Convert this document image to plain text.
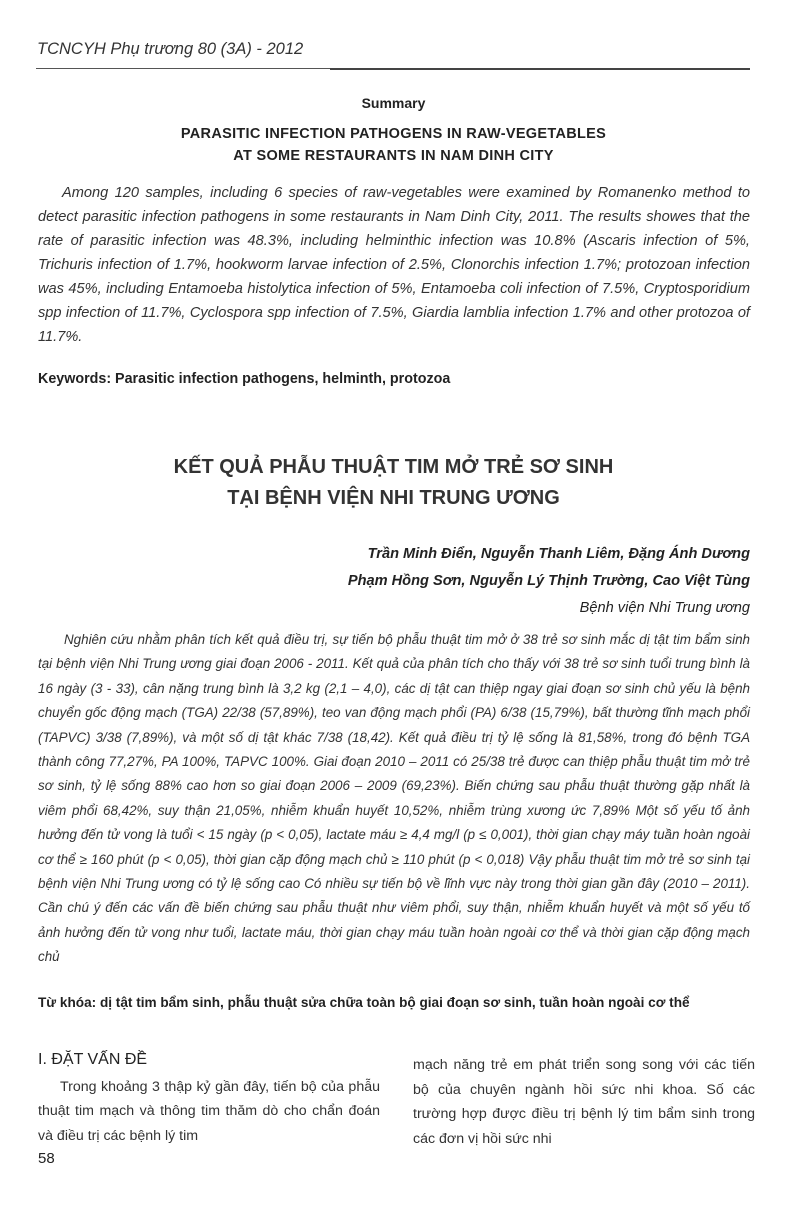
TCNCYH Phụ trương 80 (3A) - 2012
Summary
PARASITIC INFECTION PATHOGENS IN RAW-VEGETABLES
AT SOME RESTAURANTS IN NAM DINH CITY
Among 120 samples, including 6 species of raw-vegetables were examined by Romanenko method to detect parasitic infection pathogens in some restaurants in Nam Dinh City, 2011. The results showes that the rate of parasitic infection was 48.3%, including helminthic infection was 10.8% (Ascaris infection of 5%, Trichuris infection of 1.7%, hookworm larvae infection of 2.5%, Clonorchis infection 1.7%; protozoan infection was 45%, including Entamoeba histolytica infection of 5%, Entamoeba coli infection of 7.5%, Cryptosporidium spp infection of 11.7%, Cyclospora spp infection of 7.5%, Giardia lamblia infection 1.7% and other protozoa of 11.7%.
Keywords: Parasitic infection pathogens, helminth, protozoa
KẾT QUẢ PHẪU THUẬT TIM MỞ TRẺ SƠ SINH
TẠI BỆNH VIỆN NHI TRUNG ƯƠNG
Trần Minh Điển, Nguyễn Thanh Liêm, Đặng Ánh Dương
Phạm Hồng Sơn, Nguyễn Lý Thịnh Trường, Cao Việt Tùng
Bệnh viện Nhi Trung ương
Nghiên cứu nhằm phân tích kết quả điều trị, sự tiến bộ phẫu thuật tim mở ở 38 trẻ sơ sinh mắc dị tật tim bẩm sinh tại bệnh viện Nhi Trung ương giai đoạn 2006 - 2011. Kết quả của phân tích cho thấy với 38 trẻ sơ sinh tuổi trung bình là 16 ngày (3 - 33), cân nặng trung bình là 3,2 kg (2,1 – 4,0), các dị tật can thiệp ngay giai đoạn sơ sinh chủ yếu là bệnh chuyển gốc động mạch (TGA) 22/38 (57,89%), teo van động mạch phổi (PA) 6/38 (15,79%), bất thường tĩnh mạch phổi (TAPVC) 3/38 (7,89%), và một số dị tật khác 7/38 (18,42). Kết quả điều trị tỷ lệ sống là 81,58%, trong đó bệnh TGA thành công 77,27%, PA 100%, TAPVC 100%. Giai đoạn 2010 – 2011 có 25/38 trẻ được can thiệp phẫu thuật tim mở trẻ sơ sinh, tỷ lệ sống 88% cao hơn so giai đoạn 2006 – 2009 (69,23%). Biến chứng sau phẫu thuật thường gặp nhất là viêm phổi 68,42%, suy thận 21,05%, nhiễm khuẩn huyết 10,52%, nhiễm trùng xương ức 7,89% Một số yếu tố ảnh hưởng đến tử vong là tuổi < 15 ngày (p < 0,05), lactate máu ≥ 4,4 mg/l (p ≤ 0,001), thời gian chạy máy tuần hoàn ngoài cơ thể ≥ 160 phút (p < 0,05), thời gian cặp động mạch chủ ≥ 110 phút (p < 0,018) Vậy phẫu thuật tim mở trẻ sơ sinh tại bệnh viện Nhi Trung ương có tỷ lệ sống cao Có nhiều sự tiến bộ về lĩnh vực này trong thời gian gần đây (2010 – 2011). Cần chú ý đến các vấn đề biến chứng sau phẫu thuật như viêm phổi, suy thận, nhiễm khuẩn huyết và một số yếu tố ảnh hưởng đến tử vong như tuổi, lactate máu, thời gian chạy máu tuần hoàn ngoài cơ thể và thời gian cặp động mạch chủ
Từ khóa: dị tật tim bẩm sinh, phẫu thuật sửa chữa toàn bộ giai đoạn sơ sinh, tuần hoàn ngoài cơ thể
I. ĐẶT VẤN ĐỀ

Trong khoảng 3 thập kỷ gần đây, tiến bộ của phẫu thuật tim mạch và thông tim thăm dò cho chẩn đoán và điều trị các bệnh lý tim

mạch năng trẻ em phát triển song song với các tiến bộ của chuyên ngành hồi sức nhi khoa. Số các trường hợp được điều trị bệnh lý tim bẩm sinh trong các đơn vị hồi sức nhi

58
